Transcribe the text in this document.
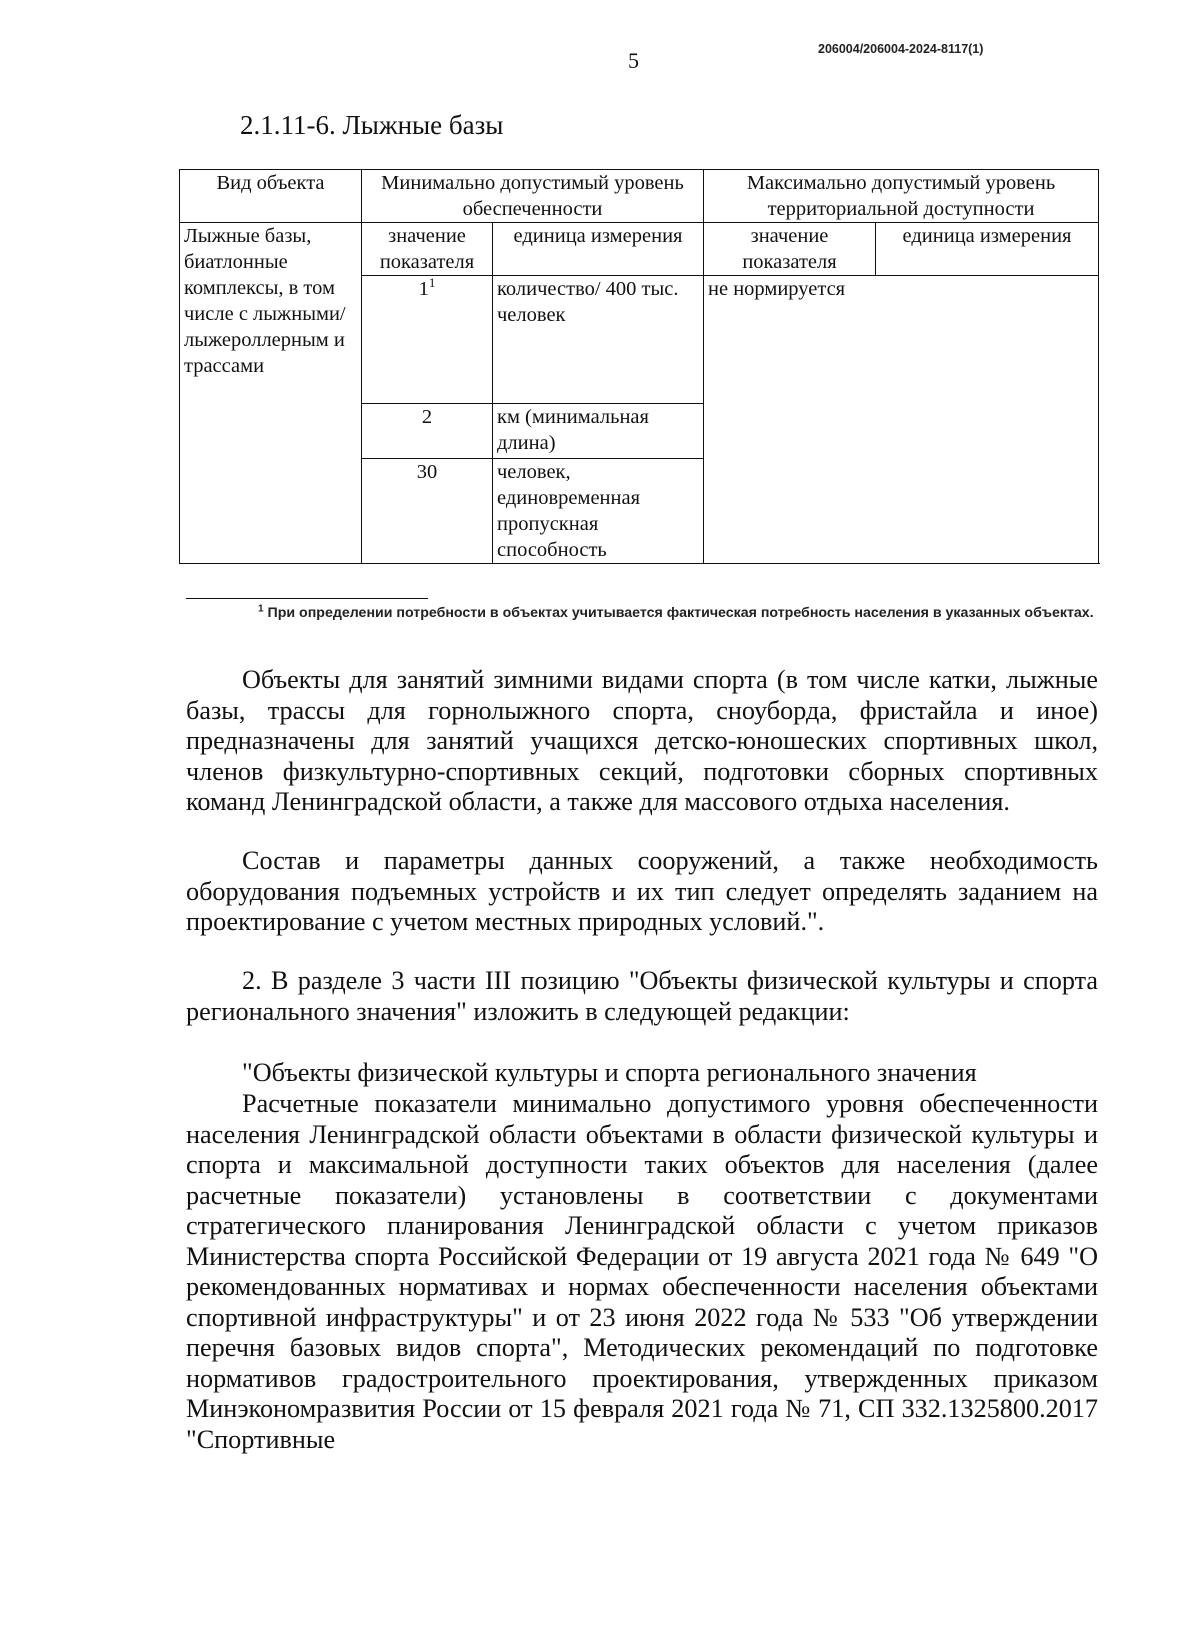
206004/206004-2024-8117(1)
5
2.1.11-6. Лыжные базы
Вид объекта	Минимально допустимый уровень обеспеченности		Максимально допустимый уровень территориальной доступности		
Лыжные базы, биатлонные комплексы, в том числе с лыжными/ лыжероллерным и трассами	значение показателя	единица измерения	значение показателя	единица измерения	
	$1^1$	количество/ 400 тыс. человек	не нормируется		
	2	км (минимальная длина)			
	30	человек, единовременная пропускная способность			
$^1$ При определении потребности в объектах учитывается фактическая потребность населения в указанных объектах.

Объекты для занятий зимними видами спорта (в том числе катки, лыжные базы, трассы для горнолыжного спорта, сноуборда, фристайла и иное) предназначены для занятий учащихся детско-юношеских спортивных школ, членов физкультурно-спортивных секций, подготовки сборных спортивных команд Ленинградской области, а также для массового отдыха населения.

Состав и параметры данных сооружений, а также необходимость оборудования подъемных устройств и их тип следует определять заданием на проектирование с учетом местных природных условий.".

2. В разделе 3 части III позицию "Объекты физической культуры и спорта регионального значения" изложить в следующей редакции:

"Объекты физической культуры и спорта регионального значения

Расчетные показатели минимально допустимого уровня обеспеченности населения Ленинградской области объектами в области физической культуры и спорта и максимальной доступности таких объектов для населения (далее расчетные показатели) установлены в соответствии с документами стратегического планирования Ленинградской области с учетом приказов Министерства спорта Российской Федерации от 19 августа 2021 года № 649 "О рекомендованных нормативах и нормах обеспеченности населения объектами спортивной инфраструктуры" и от 23 июня 2022 года № 533 "Об утверждении перечня базовых видов спорта", Методических рекомендаций по подготовке нормативов градостроительного проектирования, утвержденных приказом Минэкономразвития России от 15 февраля 2021 года № 71, СП 332.1325800.2017 "Спортивные
